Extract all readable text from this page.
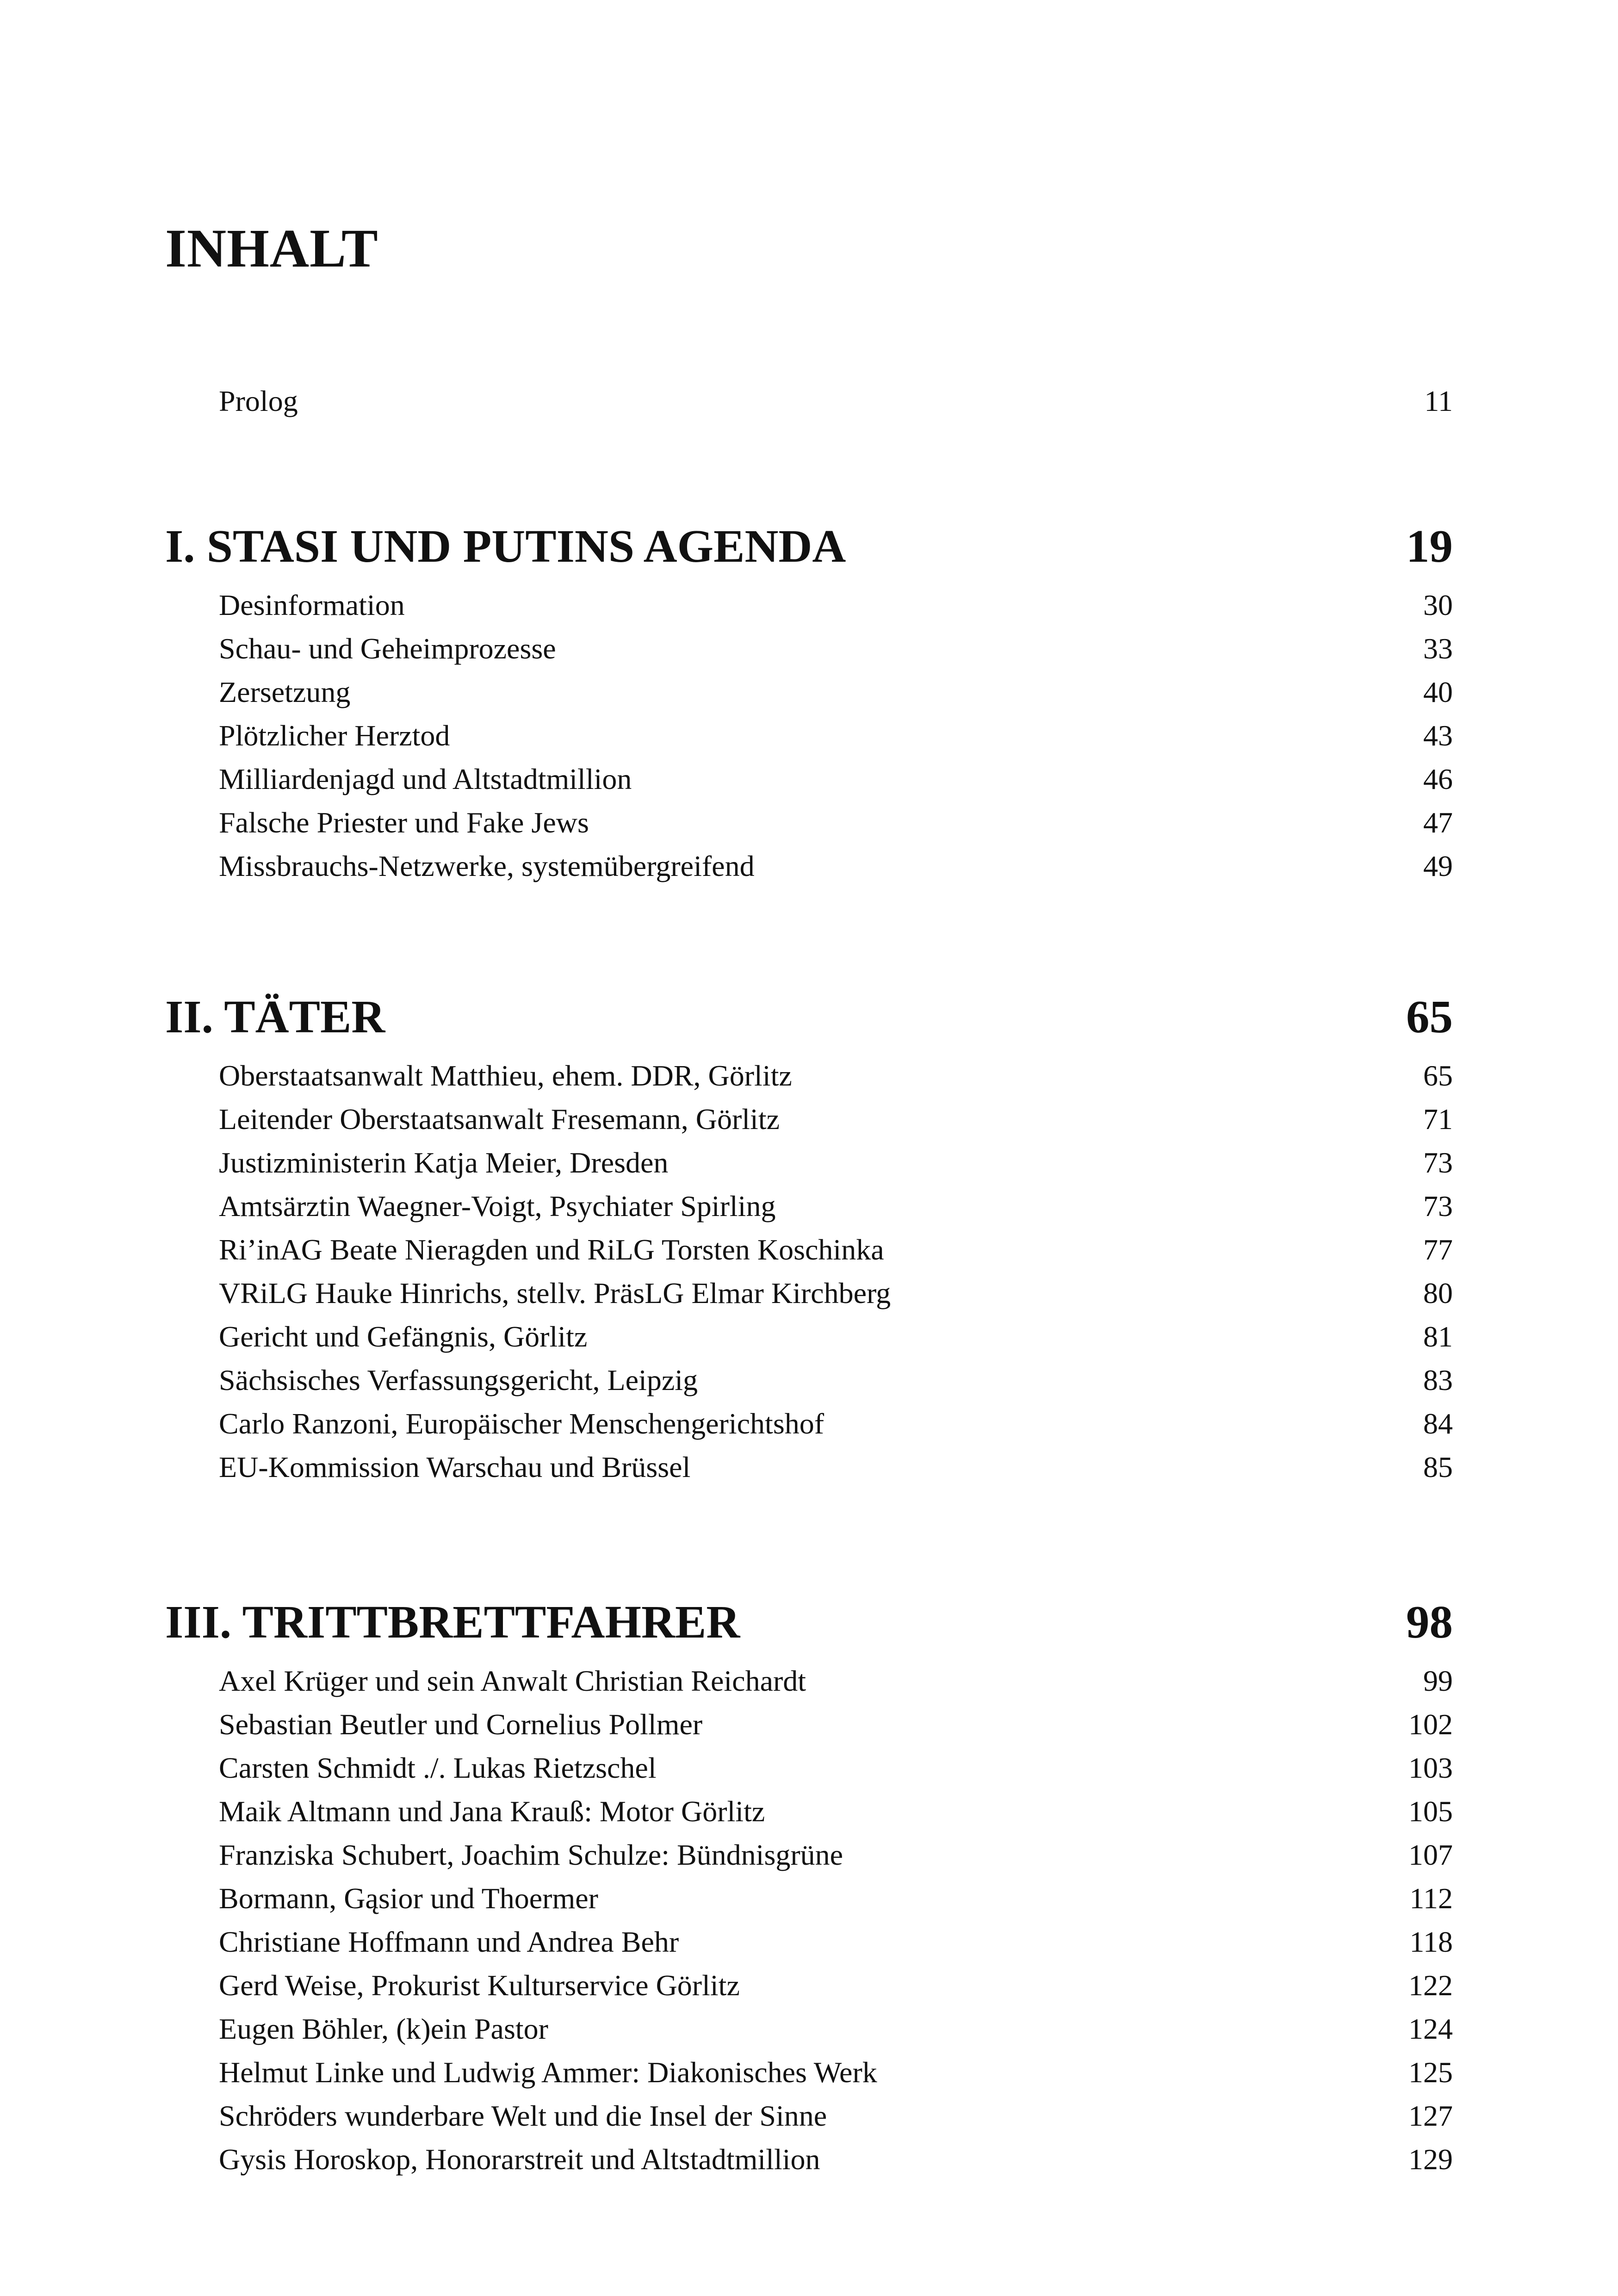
INHALT
Prolog	11
I. STASI UND PUTINS AGENDA	19
Desinformation	30
Schau- und Geheimprozesse	33
Zersetzung	40
Plötzlicher Herztod	43
Milliardenjagd und Altstadtmillion	46
Falsche Priester und Fake Jews	47
Missbrauchs-Netzwerke, systemübergreifend	49
II. TÄTER	65
Oberstaatsanwalt Matthieu, ehem. DDR, Görlitz	65
Leitender Oberstaatsanwalt Fresemann, Görlitz	71
Justizministerin Katja Meier, Dresden	73
Amtsärztin Waegner-Voigt, Psychiater Spirling	73
Ri’inAG Beate Nieragden und RiLG Torsten Koschinka	77
VRiLG Hauke Hinrichs, stellv. PräsLG Elmar Kirchberg	80
Gericht und Gefängnis, Görlitz	81
Sächsisches Verfassungsgericht, Leipzig	83
Carlo Ranzoni, Europäischer Menschengerichtshof	84
EU-Kommission Warschau und Brüssel	85
III. TRITTBRETTFAHRER	98
Axel Krüger und sein Anwalt Christian Reichardt	99
Sebastian Beutler und Cornelius Pollmer	102
Carsten Schmidt ./. Lukas Rietzschel	103
Maik Altmann und Jana Krauß: Motor Görlitz	105
Franziska Schubert, Joachim Schulze: Bündnisgrüne	107
Bormann, Gąsior und Thoermer	112
Christiane Hoffmann und Andrea Behr	118
Gerd Weise, Prokurist Kulturservice Görlitz	122
Eugen Böhler, (k)ein Pastor	124
Helmut Linke und Ludwig Ammer: Diakonisches Werk	125
Schröders wunderbare Welt und die Insel der Sinne	127
Gysis Horoskop, Honorarstreit und Altstadtmillion	129
